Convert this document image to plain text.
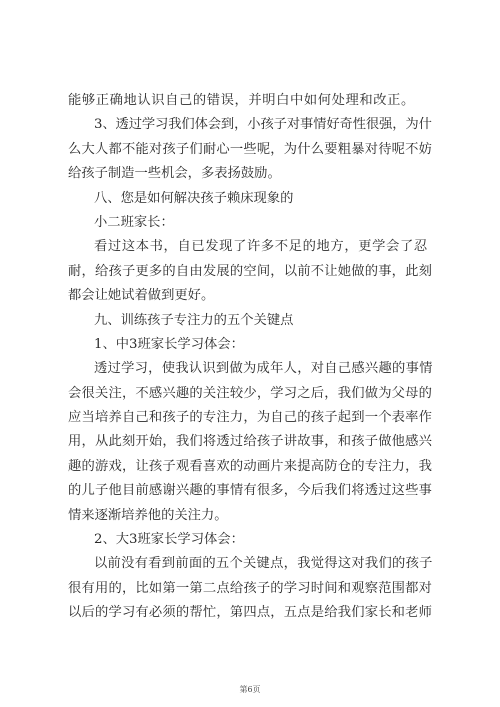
能够正确地认识自己的错误，并明白中如何处理和改正。
3、透过学习我们体会到，小孩子对事情好奇性很强，为什
么大人都不能对孩子们耐心一些呢，为什么要粗暴对待呢不妨
给孩子制造一些机会，多表扬鼓励。
八、您是如何解决孩子赖床现象的
小二班家长：
看过这本书，自已发现了许多不足的地方，更学会了忍
耐，给孩子更多的自由发展的空间，以前不让她做的事，此刻
都会让她试着做到更好。
九、训练孩子专注力的五个关键点
1、中3班家长学习体会：
透过学习，使我认识到做为成年人，对自己感兴趣的事情
会很关注，不感兴趣的关注较少，学习之后，我们做为父母的
应当培养自己和孩子的专注力，为自己的孩子起到一个表率作
用，从此刻开始，我们将透过给孩子讲故事，和孩子做他感兴
趣的游戏，让孩子观看喜欢的动画片来提高防仓的专注力，我
的儿子他目前感谢兴趣的事情有很多，今后我们将透过这些事
情来逐渐培养他的关注力。
2、大3班家长学习体会：
以前没有看到前面的五个关键点，我觉得这对我们的孩子
很有用的，比如第一第二点给孩子的学习时间和观察范围都对
以后的学习有必须的帮忙，第四点，五点是给我们家长和老师
第6页
